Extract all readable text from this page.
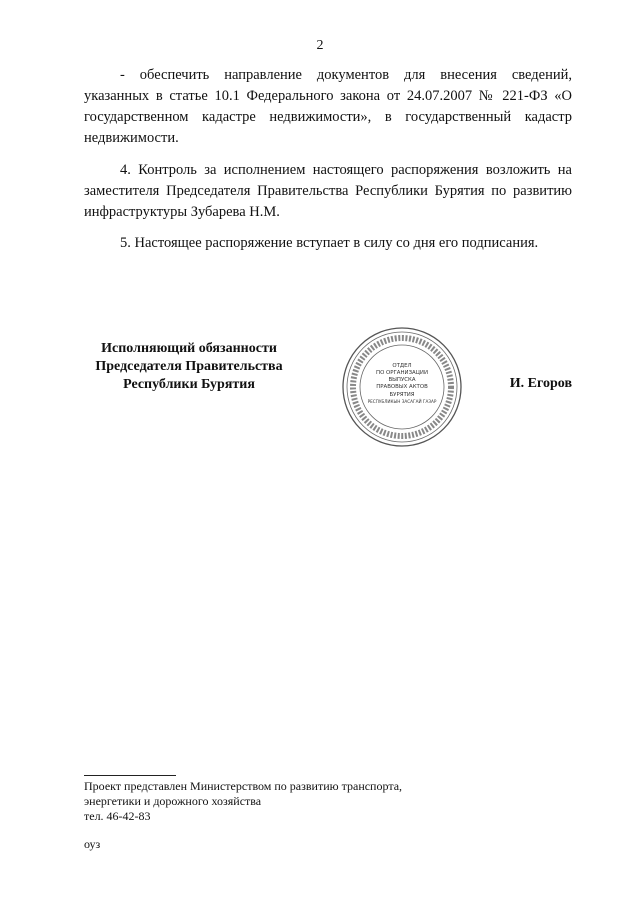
2

- обеспечить направление документов для внесения сведений, указанных в статье 10.1 Федерального закона от 24.07.2007 № 221-ФЗ «О государственном кадастре недвижимости», в государственный кадастр недвижимости.

4. Контроль за исполнением настоящего распоряжения возложить на заместителя Председателя Правительства Республики Бурятия по развитию инфраструктуры Зубарева Н.М.

5. Настоящее распоряжение вступает в силу со дня его подписания.

Исполняющий обязанности
Председателя Правительства
Республики Бурятия
ОТДЕЛ
ПО ОРГАНИЗАЦИИ
ВЫПУСКА
ПРАВОВЫХ АКТОВ
БУРЯТИЯ
РЕСПУБЛИКЫН ЗАСАГАЙ ГАЗАР
И. Егоров
Проект представлен Министерством по развитию транспорта,
энергетики и дорожного хозяйства
тел. 46-42-83
оуз
